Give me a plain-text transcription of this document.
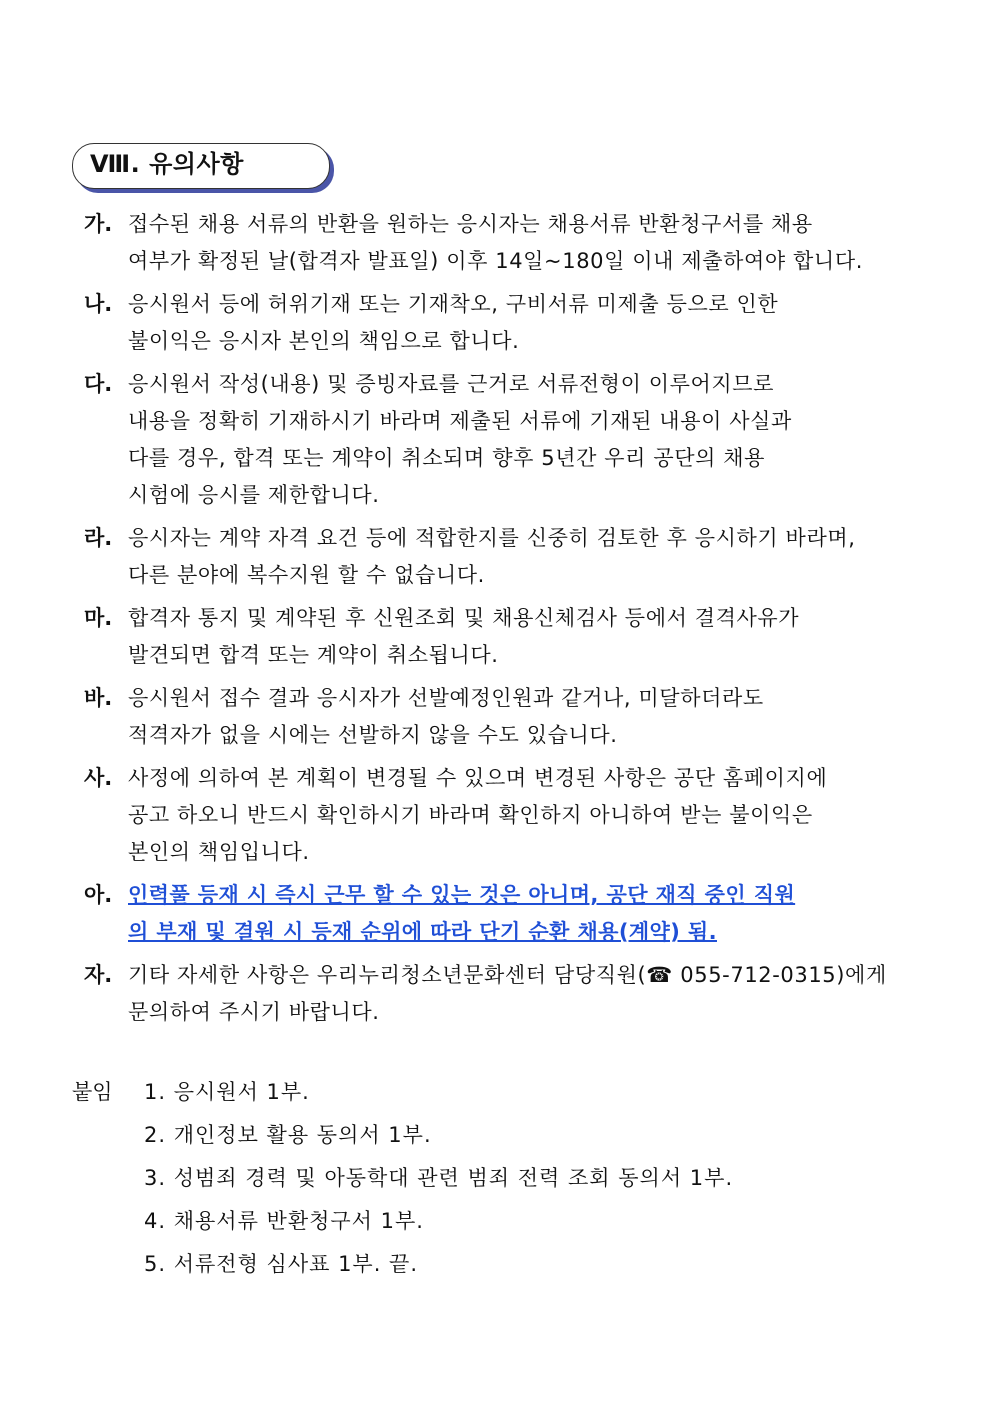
Ⅷ. 유의사항
가. 접수된 채용 서류의 반환을 원하는 응시자는 채용서류 반환청구서를 채용
여부가 확정된 날(합격자 발표일) 이후 14일~180일 이내 제출하여야 합니다.
나. 응시원서 등에 허위기재 또는 기재착오, 구비서류 미제출 등으로 인한
불이익은 응시자 본인의 책임으로 합니다.
다. 응시원서 작성(내용) 및 증빙자료를 근거로 서류전형이 이루어지므로
내용을 정확히 기재하시기 바라며 제출된 서류에 기재된 내용이 사실과
다를 경우, 합격 또는 계약이 취소되며 향후 5년간 우리 공단의 채용
시험에 응시를 제한합니다.
라. 응시자는 계약 자격 요건 등에 적합한지를 신중히 검토한 후 응시하기 바라며,
다른 분야에 복수지원 할 수 없습니다.
마. 합격자 통지 및 계약된 후 신원조회 및 채용신체검사 등에서 결격사유가
발견되면 합격 또는 계약이 취소됩니다.
바. 응시원서 접수 결과 응시자가 선발예정인원과 같거나, 미달하더라도
적격자가 없을 시에는 선발하지 않을 수도 있습니다.
사. 사정에 의하여 본 계획이 변경될 수 있으며 변경된 사항은 공단 홈페이지에
공고 하오니 반드시 확인하시기 바라며 확인하지 아니하여 받는 불이익은
본인의 책임입니다.
아. 인력풀 등재 시 즉시 근무 할 수 있는 것은 아니며, 공단 재직 중인 직원
의 부재 및 결원 시 등재 순위에 따라 단기 순환 채용(계약) 됨.
자. 기타 자세한 사항은 우리누리청소년문화센터 담당직원(☎ 055-712-0315)에게
문의하여 주시기 바랍니다.
붙임 1. 응시원서 1부.
2. 개인정보 활용 동의서 1부.
3. 성범죄 경력 및 아동학대 관련 범죄 전력 조회 동의서 1부.
4. 채용서류 반환청구서 1부.
5. 서류전형 심사표 1부. 끝.
